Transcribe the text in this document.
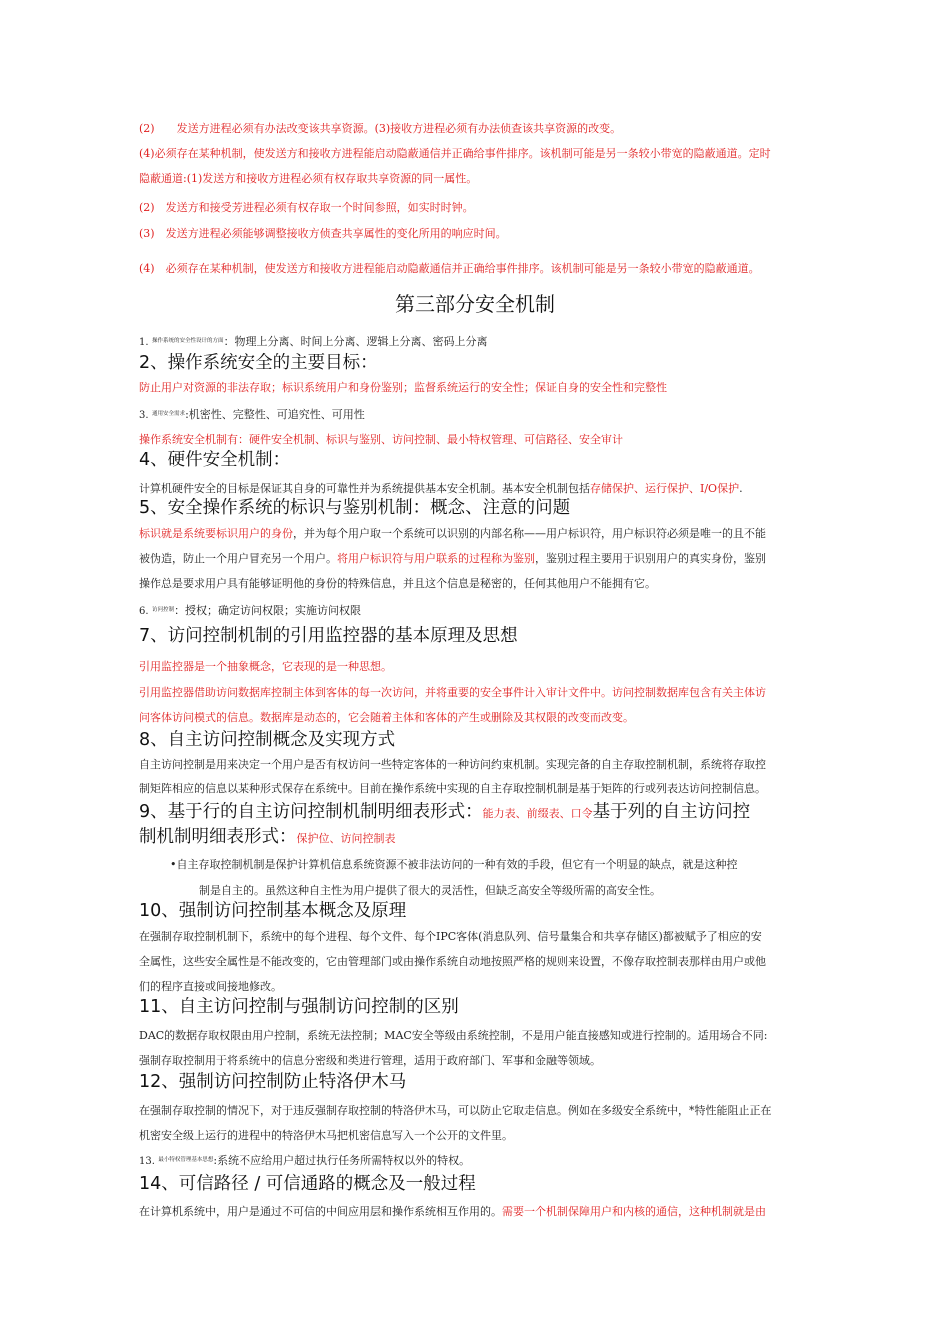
(2)　　发送方进程必须有办法改变该共享资源。(3)接收方进程必须有办法侦查该共享资源的改变。
(4)必须存在某种机制，使发送方和接收方进程能启动隐蔽通信并正确给事件排序。该机制可能是另一条较小带宽的隐蔽通道。定时
隐蔽通道:(1)发送方和接收方进程必须有权存取共享资源的同一属性。
(2)　发送方和接受芳进程必须有权存取一个时间参照，如实时时钟。
(3)　发送方进程必须能够调整接收方侦查共享属性的变化所用的响应时间。
(4)　必须存在某种机制，使发送方和接收方进程能启动隐蔽通信并正确给事件排序。该机制可能是另一条较小带宽的隐蔽通道。
第三部分安全机制
1. $^{操作系统的安全性设计的方面}$：物理上分离、时间上分离、逻辑上分离、密码上分离
2、操作系统安全的主要目标：
防止用户对资源的非法存取；标识系统用户和身份鉴别；监督系统运行的安全性；保证自身的安全性和完整性
3. $^{通用安全需求}$:机密性、完整性、可追究性、可用性
操作系统安全机制有：硬件安全机制、标识与鉴别、访问控制、最小特权管理、可信路径、安全审计
4、硬件安全机制：
计算机硬件安全的目标是保证其自身的可靠性并为系统提供基本安全机制。基本安全机制包括存储保护、运行保护、I/O保护.
5、安全操作系统的标识与鉴别机制：概念、注意的问题
标识就是系统要标识用户的身份，并为每个用户取一个系统可以识别的内部名称——用户标识符，用户标识符必须是唯一的且不能
被伪造，防止一个用户冒充另一个用户。将用户标识符与用户联系的过程称为鉴别，鉴别过程主要用于识别用户的真实身份，鉴别
操作总是要求用户具有能够证明他的身份的特殊信息，并且这个信息是秘密的，任何其他用户不能拥有它。
6. $^{访问控制}$：授权；确定访问权限；实施访问权限
7、访问控制机制的引用监控器的基本原理及思想
引用监控器是一个抽象概念，它表现的是一种思想。
引用监控器借助访问数据库控制主体到客体的每一次访问，并将重要的安全事件计入审计文件中。访问控制数据库包含有关主体访
问客体访问模式的信息。数据库是动态的，它会随着主体和客体的产生或删除及其权限的改变而改变。
8、自主访问控制概念及实现方式
自主访问控制是用来决定一个用户是否有权访问一些特定客体的一种访问约束机制。实现完备的自主存取控制机制，系统将存取控
制矩阵相应的信息以某种形式保存在系统中。目前在操作系统中实现的自主存取控制机制是基于矩阵的行或列表达访问控制信息。
9、基于行的自主访问控制机制明细表形式：能力表、前缀表、口令基于列的自主访问控
制机制明细表形式：保护位、访问控制表
•自主存取控制机制是保护计算机信息系统资源不被非法访问的一种有效的手段，但它有一个明显的缺点，就是这种控
制是自主的。虽然这种自主性为用户提供了很大的灵活性，但缺乏高安全等级所需的高安全性。
10、强制访问控制基本概念及原理
在强制存取控制机制下，系统中的每个进程、每个文件、每个IPC客体(消息队列、信号量集合和共享存储区)都被赋予了相应的安
全属性，这些安全属性是不能改变的，它由管理部门或由操作系统自动地按照严格的规则来设置，不像存取控制表那样由用户或他
们的程序直接或间接地修改。
11、自主访问控制与强制访问控制的区别
DAC的数据存取权限由用户控制，系统无法控制；MAC安全等级由系统控制，不是用户能直接感知或进行控制的。适用场合不同:
强制存取控制用于将系统中的信息分密级和类进行管理，适用于政府部门、军事和金融等领域。
12、强制访问控制防止特洛伊木马
在强制存取控制的情况下，对于违反强制存取控制的特洛伊木马，可以防止它取走信息。例如在多级安全系统中，*特性能阻止正在
机密安全级上运行的进程中的特洛伊木马把机密信息写入一个公开的文件里。
13. $^{最小特权管理基本思想}$:系统不应给用户超过执行任务所需特权以外的特权。
14、可信路径 / 可信通路的概念及一般过程
在计算机系统中，用户是通过不可信的中间应用层和操作系统相互作用的。需要一个机制保障用户和内核的通信，这种机制就是由
